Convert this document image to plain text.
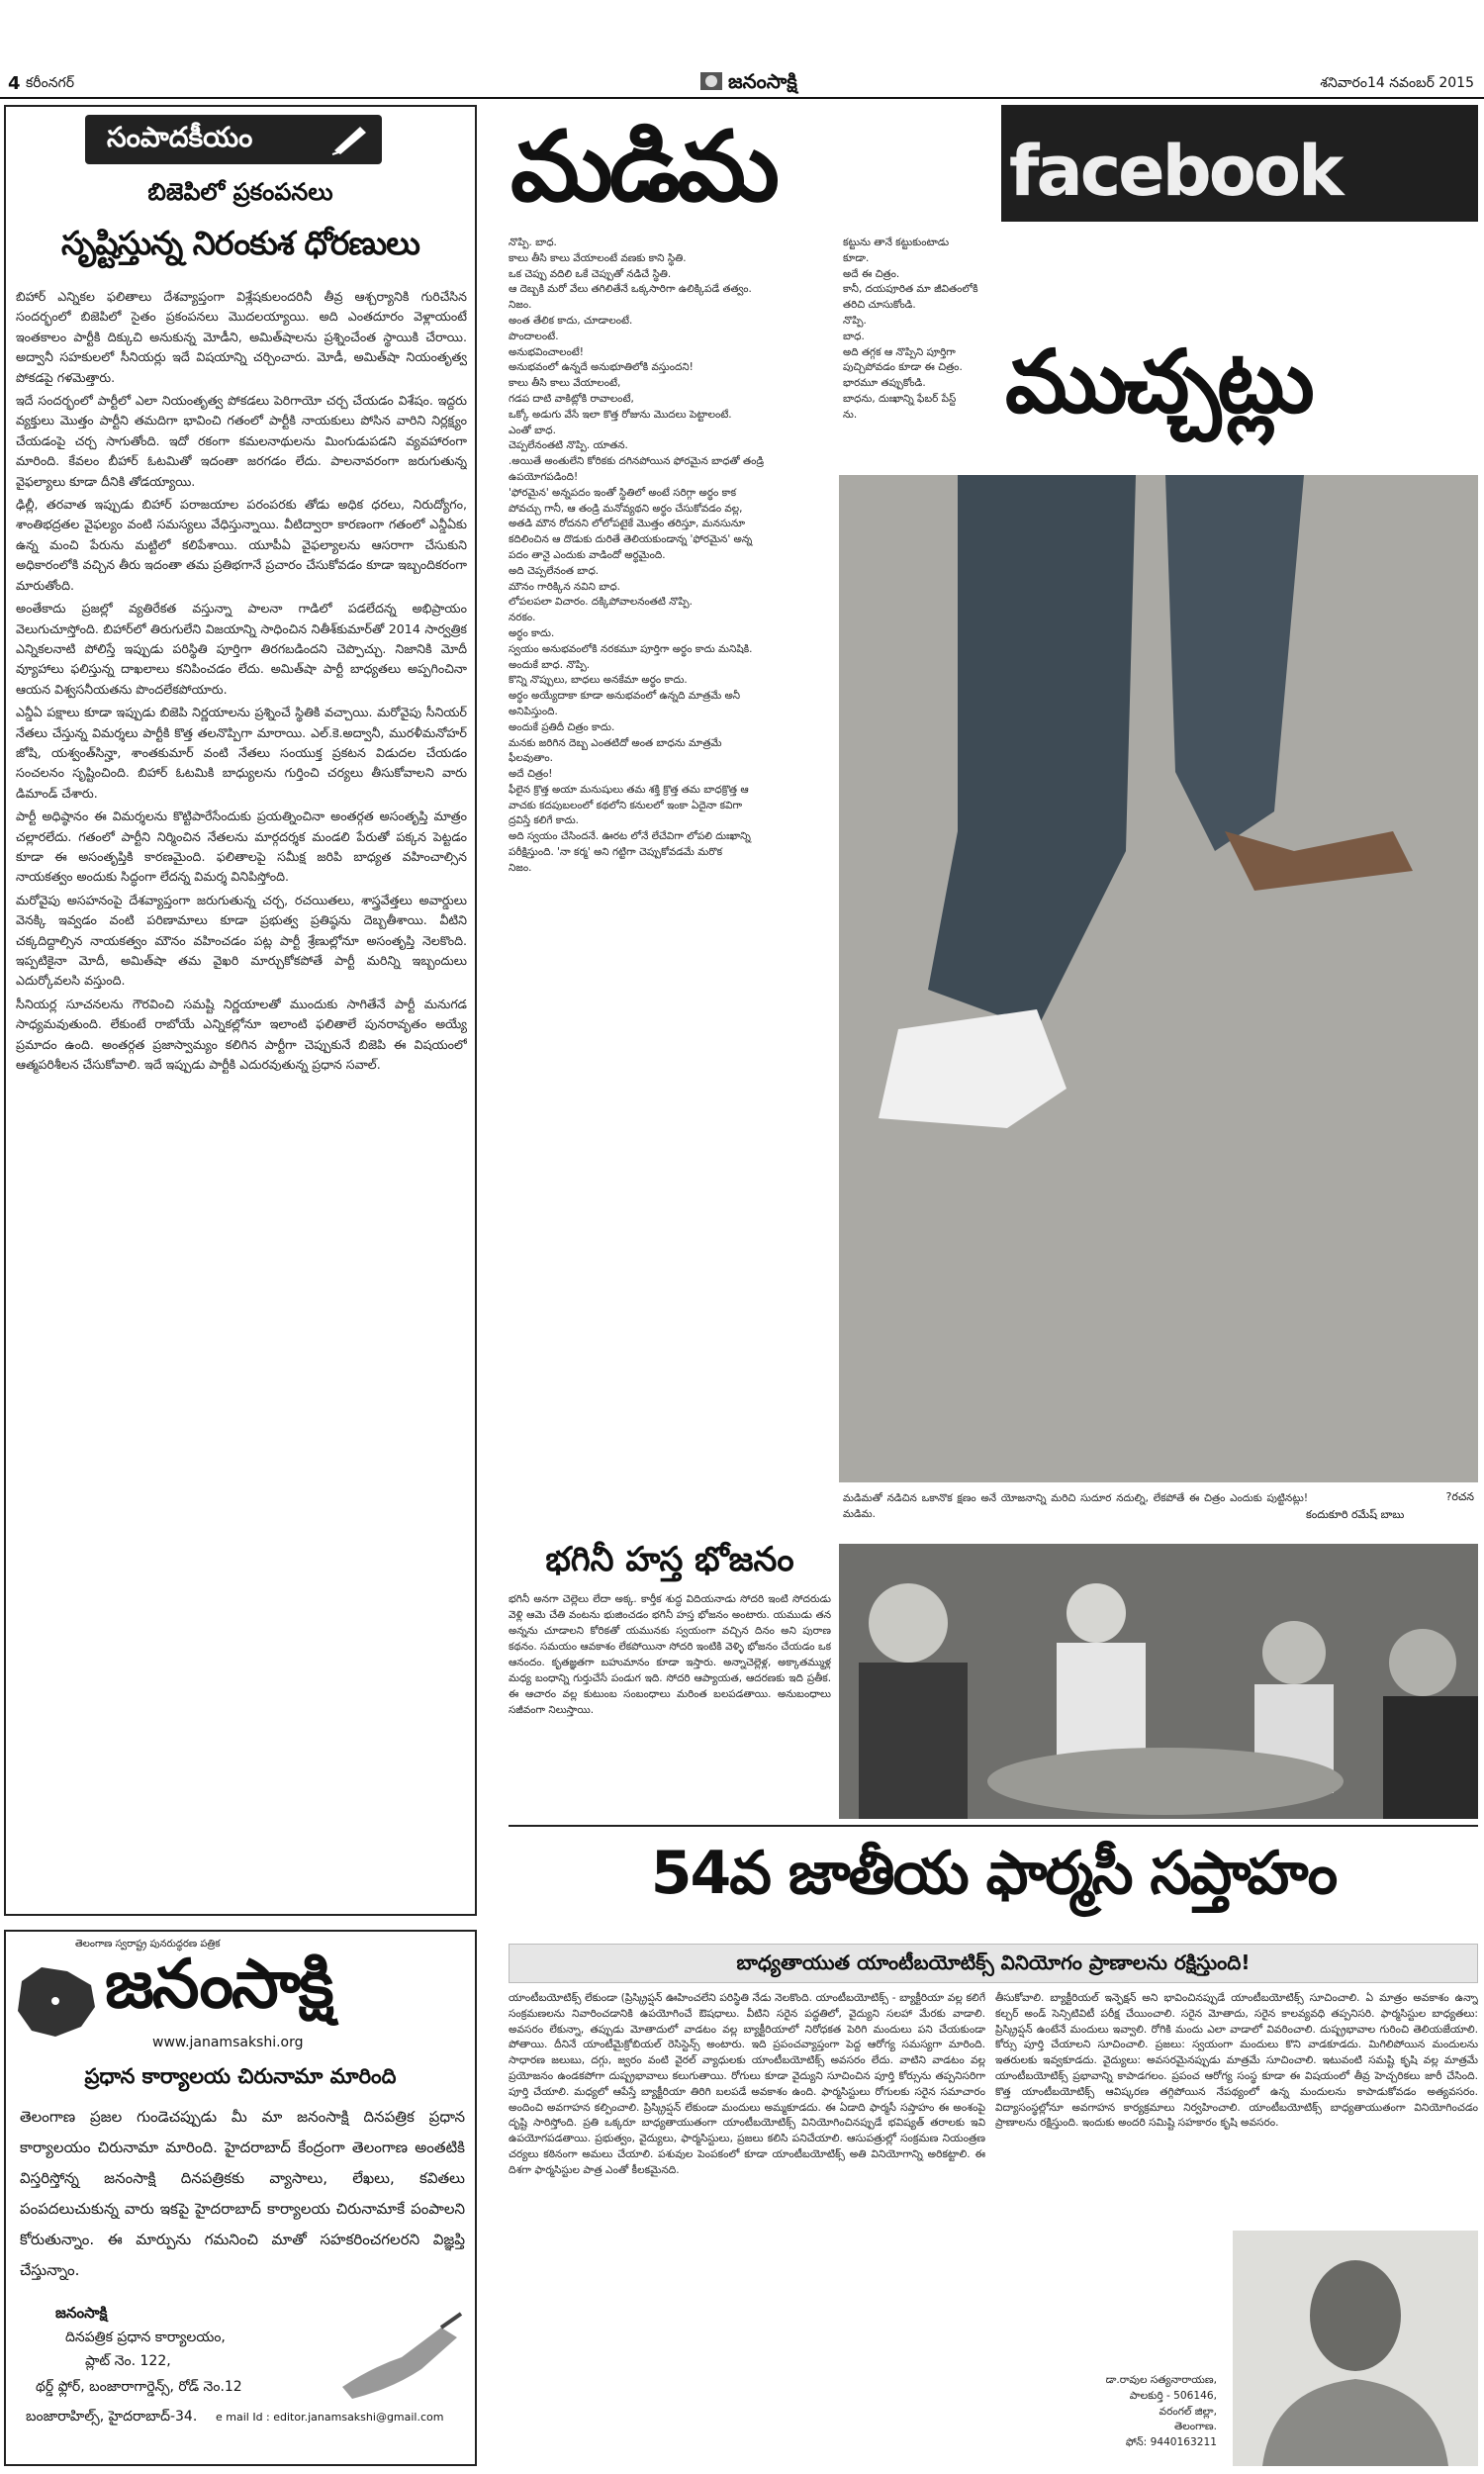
4 కరీంనగర్	జనంసాక్షి	శనివారం14 నవంబర్ 2015
సంపాదకీయం
బిజెపిలో ప్రకంపనలు
సృష్టిస్తున్న నిరంకుశ ధోరణులు

బిహార్ ఎన్నికల ఫలితాలు దేశవ్యాప్తంగా విశ్లేషకులందరినీ తీవ్ర ఆశ్చర్యానికి గురిచేసిన సందర్భంలో బిజెపిలో సైతం ప్రకంపనలు మొదలయ్యాయి. అది ఎంతదూరం వెళ్లాయంటే ఇంతకాలం పార్టీకి దిక్కుచి అనుకున్న మోడీని, అమిత్‌షాలను ప్రశ్నించేంత స్థాయికి చేరాయి. అద్వానీ సహకులలో సీనియర్లు ఇదే విషయాన్ని చర్చించారు. మోడీ, అమిత్‌షా నియంతృత్వ పోకడపై గళమెత్తారు.

ఇదే సందర్భంలో పార్టీలో ఎలా నియంతృత్వ పోకడలు పెరిగాయో చర్చ చేయడం విశేషం. ఇద్దరు వ్యక్తులు మొత్తం పార్టీని తమదిగా భావించి గతంలో పార్టీకి నాయకులు పోసిన వారిని నిర్లక్ష్యం చేయడంపై చర్చ సాగుతోంది. ఇదో రకంగా కమలనాథులను మింగుడుపడని వ్యవహారంగా మారింది. కేవలం బీహార్ ఓటమితో ఇదంతా జరగడం లేదు. పాలనావరంగా జరుగుతున్న వైఫల్యాలు కూడా దీనికి తోడయ్యాయి.

ఢిల్లీ, తరవాత ఇప్పుడు బిహార్ పరాజయాల పరంపరకు తోడు అధిక ధరలు, నిరుద్యోగం, శాంతిభద్రతల వైఫల్యం వంటి సమస్యలు వేధిస్తున్నాయి. వీటిద్వారా కారణంగా గతంలో ఎన్డీఏకు ఉన్న మంచి పేరును మట్టిలో కలిపేశాయి. యూపీఏ వైఫల్యాలను ఆసరాగా చేసుకుని అధికారంలోకి వచ్చిన తీరు ఇదంతా తమ ప్రతిభగానే ప్రచారం చేసుకోవడం కూడా ఇబ్బందికరంగా మారుతోంది.

అంతేకాదు ప్రజల్లో వ్యతిరేకత వస్తున్నా పాలనా గాడిలో పడలేదన్న అభిప్రాయం వెలుగుచూస్తోంది. బిహార్‌లో తిరుగులేని విజయాన్ని సాధించిన నితీశ్‌కుమార్‌తో 2014 సార్వత్రిక ఎన్నికలనాటి పోలిస్తే ఇప్పుడు పరిస్థితి పూర్తిగా తిరగబడిందని చెప్పొచ్చు. నిజానికి మోదీ వ్యూహాలు ఫలిస్తున్న దాఖలాలు కనిపించడం లేదు. అమిత్‌షా పార్టీ బాధ్యతలు అప్పగించినా ఆయన విశ్వసనీయతను పొందలేకపోయారు.

ఎన్డీఏ పక్షాలు కూడా ఇప్పుడు బిజెపి నిర్ణయాలను ప్రశ్నించే స్థితికి వచ్చాయి. మరోవైపు సీనియర్ నేతలు చేస్తున్న విమర్శలు పార్టీకి కొత్త తలనొప్పిగా మారాయి. ఎల్.కె.అద్వానీ, మురళీమనోహర్ జోషి, యశ్వంత్‌సిన్హా, శాంతకుమార్ వంటి నేతలు సంయుక్త ప్రకటన విడుదల చేయడం సంచలనం సృష్టించింది. బిహార్ ఓటమికి బాధ్యులను గుర్తించి చర్యలు తీసుకోవాలని వారు డిమాండ్ చేశారు.

పార్టీ అధిష్ఠానం ఈ విమర్శలను కొట్టిపారేసేందుకు ప్రయత్నించినా అంతర్గత అసంతృప్తి మాత్రం చల్లారలేదు. గతంలో పార్టీని నిర్మించిన నేతలను మార్గదర్శక మండలి పేరుతో పక్కన పెట్టడం కూడా ఈ అసంతృప్తికి కారణమైంది. ఫలితాలపై సమీక్ష జరిపి బాధ్యత వహించాల్సిన నాయకత్వం అందుకు సిద్ధంగా లేదన్న విమర్శ వినిపిస్తోంది.

మరోవైపు అసహనంపై దేశవ్యాప్తంగా జరుగుతున్న చర్చ, రచయితలు, శాస్త్రవేత్తలు అవార్డులు వెనక్కి ఇవ్వడం వంటి పరిణామాలు కూడా ప్రభుత్వ ప్రతిష్ఠను దెబ్బతీశాయి. వీటిని చక్కదిద్దాల్సిన నాయకత్వం మౌనం వహించడం పట్ల పార్టీ శ్రేణుల్లోనూ అసంతృప్తి నెలకొంది. ఇప్పటికైనా మోదీ, అమిత్‌షా తమ వైఖరి మార్చుకోకపోతే పార్టీ మరిన్ని ఇబ్బందులు ఎదుర్కోవలసి వస్తుంది.

సీనియర్ల సూచనలను గౌరవించి సమష్టి నిర్ణయాలతో ముందుకు సాగితేనే పార్టీ మనుగడ సాధ్యమవుతుంది. లేకుంటే రాబోయే ఎన్నికల్లోనూ ఇలాంటి ఫలితాలే పునరావృతం అయ్యే ప్రమాదం ఉంది. అంతర్గత ప్రజాస్వామ్యం కలిగిన పార్టీగా చెప్పుకునే బిజెపి ఈ విషయంలో ఆత్మపరిశీలన చేసుకోవాలి. ఇదే ఇప్పుడు పార్టీకి ఎదురవుతున్న ప్రధాన సవాల్.

తెలంగాణ స్వరాష్ట్ర పునరుద్ధరణ పత్రిక
జనంసాక్షి
www.janamsakshi.org
ప్రధాన కార్యాలయ చిరునామా మారింది
తెలంగాణ ప్రజల గుండెచప్పుడు మీ మా జనంసాక్షి దినపత్రిక ప్రధాన కార్యాలయం చిరునామా మారింది. హైదరాబాద్ కేంద్రంగా తెలంగాణ అంతటికి విస్తరిస్తోన్న జనంసాక్షి దినపత్రికకు వ్యాసాలు, లేఖలు, కవితలు పంపదలుచుకున్న వారు ఇకపై హైదరాబాద్ కార్యాలయ చిరునామాకే పంపాలని కోరుతున్నాం. ఈ మార్పును గమనించి మాతో సహకరించగలరని విజ్ఞప్తి చేస్తున్నాం.
జనంసాక్షి
దినపత్రిక ప్రధాన కార్యాలయం,
ప్లాట్ నెం. 122,
థర్డ్ ఫ్లోర్, బంజారాగార్డెన్స్, రోడ్ నెం.12
బంజారాహిల్స్, హైదరాబాద్-34. e mail Id : editor.janamsakshi@gmail.com
మడిమ	facebook
ముచ్చట్లు
నొప్పి. బాధ.
కాలు తీసి కాలు వేయాలంటే వణకు కాని స్థితి.
ఒక చెప్పు వదిలి ఒకే చెప్పుతో నడిచే స్థితి.
ఆ దెబ్బకి మరో వేలు తగిలితేనే ఒక్కసారిగా ఉలిక్కిపడే తత్వం.
నిజం.
అంత తేలిక కాదు, చూడాలంటే.
పొందాలంటే.
అనుభవించాలంటే!
అనుభవంలో ఉన్నదే అనుభూతిలోకి వస్తుందని!
కాలు తీసి కాలు వేయాలంటే,
గడప దాటి వాకిట్లోకి రావాలంటే,
ఒక్కో అడుగు వేసే ఇలా కొత్త రోజును మొదలు పెట్టాలంటే.
ఎంతో బాధ.
చెప్పలేనంతటి నొప్పి. యాతన.
.అయితే అంతులేని కోరికకు దగినపోయిన ఫోరమైన బాధతో తండ్రి
ఉపయోగపడింది!
'ఫోరమైన' అన్నపదం ఇంతో స్థితిలో అంటే సరిగ్గా అర్థం కాక
పోవచ్చు గానీ, ఆ తండ్రి మనోవ్యథని అర్థం చేసుకోవడం వల్ల,
అతడి మౌన రోదనని లోలోపటైకే మొత్తం తరిస్తూ, మనసునూ
కదిలించిన ఆ దొడుకు దురితే తెలియకుండాన్న 'ఫోరమైన' అన్న
పదం తానై ఎందుకు వాడిందో అర్థమైంది.
అది చెప్పలేనంత బాధ.
మౌనం గారిక్కిన నవిని బాధ.
లోపలపలా విచారం. దక్కిపోవాలనంతటి నొప్పి.
నరకం.
అర్థం కాదు.
స్వయం అనుభవంలోకి నరకమూ పూర్తిగా అర్థం కాదు మనిషికి.
అందుకే బాధ. నొప్పి.
కొన్ని నొప్పులు, బాధలు అనకేమా అర్థం కాదు.
అర్థం అయ్యేదాకా కూడా అనుభవంలో ఉన్నది మాత్రమే అనీ
అనిపిస్తుంది.
అందుకే ప్రతిదీ చిత్రం కాదు.
మనకు జరిగిన దెబ్బ ఎంతటిదో అంత బాధను మాత్రమే
ఫీలవుతాం.
అదే చిత్రం!
ఫీలైన క్రొత్త అయా మనుషులు తమ శక్తి క్రొత్త తమ బాధక్రొత్త ఆ
వాచకు కదపుబలంలో కథలోని కనులలో ఇంకా ఏదైనా కవిగా
ద్రవిస్తే కలిగే కాదు.
అది స్వయం చేసిందనే. ఊరట లోనే లేచేవిగా లోపలి దుఃఖాన్ని
పరీక్షిస్తుంది. 'నా కర్మ' అని గట్టిగా చెప్పుకోవడమే మరొక
నిజం.
కట్టును తానే కట్టుకుంటాడు
కూడా.
అదే ఈ చిత్రం.
కానీ, దయపూరిత మా జీవితంలోకి
తరిచి చూసుకోండి.
నొప్పి.
బాధ.
అది తగ్గక ఆ నొప్పిని పూర్తిగా
పుచ్చిపోవడం కూడా ఈ చిత్రం.
భారమూ తప్పుకోండి.
బాధను, దుఃఖాన్ని ఫేబర్ పేస్ట్
ను.
మడిమతో నడిచిన ఒకానొక క్షణం అనే యోజనాన్ని మరిచి సుదూర నదుల్ని, లేకపోతే ఈ చిత్రం ఎందుకు పుట్టినట్లు! మడిమ.
?రచన
కందుకూరి రమేష్ బాబు
భగినీ హస్త భోజనం
భగినీ అనగా చెల్లెలు లేదా అక్క. కార్తీక శుద్ధ విదియనాడు సోదరి ఇంటి సోదరుడు వెళ్లి ఆమె చేతి వంటను భుజించడం భగినీ హస్త భోజనం అంటారు. యముడు తన అన్నను చూడాలని కోరికతో యమునకు స్వయంగా వచ్చిన దినం అని పురాణ కథనం. సమయం ఆవకాశం లేకపోయినా సోదరి ఇంటికి వెళ్ళి భోజనం చేయడం ఒక ఆనందం. కృతజ్ఞతగా బహుమానం కూడా ఇస్తారు. అన్నాచెల్లెళ్ల, అక్కాతమ్ముళ్ల మధ్య బంధాన్ని గుర్తుచేసే పండుగ ఇది. సోదరి ఆప్యాయత, ఆదరణకు ఇది ప్రతీక. ఈ ఆచారం వల్ల కుటుంబ సంబంధాలు మరింత బలపడతాయి. అనుబంధాలు సజీవంగా నిలుస్తాయి.
54వ జాతీయ ఫార్మసీ సప్తాహం
బాధ్యతాయుత యాంటీబయోటిక్స్ వినియోగం ప్రాణాలను రక్షిస్తుంది!
యాంటీబయోటిక్స్ లేకుండా (ప్రిస్క్రిప్షన్ ఊహించలేని పరిస్థితి నేడు నెలకొంది. యాంటీబయోటిక్స్ - బ్యాక్టీరియా వల్ల కలిగే సంక్రమణలను నివారించడానికి ఉపయోగించే ఔషధాలు. వీటిని సరైన పద్ధతిలో, వైద్యుని సలహా మేరకు వాడాలి. అవసరం లేకున్నా, తప్పుడు మోతాదులో వాడటం వల్ల బ్యాక్టీరియాలో నిరోధకత పెరిగి మందులు పని చేయకుండా పోతాయి. దీనినే యాంటీమైక్రోబియల్ రెసిస్టెన్స్ అంటారు. ఇది ప్రపంచవ్యాప్తంగా పెద్ద ఆరోగ్య సమస్యగా మారింది. సాధారణ జలుబు, దగ్గు, జ్వరం వంటి వైరల్ వ్యాధులకు యాంటీబయోటిక్స్ అవసరం లేదు. వాటిని వాడటం వల్ల ప్రయోజనం ఉండకపోగా దుష్ప్రభావాలు కలుగుతాయి. రోగులు కూడా వైద్యుని సూచించిన పూర్తి కోర్సును తప్పనిసరిగా పూర్తి చేయాలి. మధ్యలో ఆపేస్తే బ్యాక్టీరియా తిరిగి బలపడే అవకాశం ఉంది. ఫార్మసిస్టులు రోగులకు సరైన సమాచారం అందించి అవగాహన కల్పించాలి. ప్రిస్క్రిప్షన్ లేకుండా మందులు అమ్మకూడదు. ఈ ఏడాది ఫార్మసీ సప్తాహం ఈ అంశంపై దృష్టి సారిస్తోంది. ప్రతి ఒక్కరూ బాధ్యతాయుతంగా యాంటీబయోటిక్స్ వినియోగించినప్పుడే భవిష్యత్ తరాలకు ఇవి ఉపయోగపడతాయి. ప్రభుత్వం, వైద్యులు, ఫార్మసిస్టులు, ప్రజలు కలిసి పనిచేయాలి. ఆసుపత్రుల్లో సంక్రమణ నియంత్రణ చర్యలు కఠినంగా అమలు చేయాలి. పశువుల పెంపకంలో కూడా యాంటీబయోటిక్స్ అతి వినియోగాన్ని అరికట్టాలి. ఈ దిశగా ఫార్మసిస్టుల పాత్ర ఎంతో కీలకమైనది.
తీసుకోవాలి. బ్యాక్టీరియల్ ఇన్ఫెక్షన్ అని భావించినప్పుడే యాంటీబయోటిక్స్ సూచించాలి. ఏ మాత్రం అవకాశం ఉన్నా కల్చర్ అండ్ సెన్సిటివిటీ పరీక్ష చేయించాలి. సరైన మోతాదు, సరైన కాలవ్యవధి తప్పనిసరి. ఫార్మసిస్టుల బాధ్యతలు: ప్రిస్క్రిప్షన్ ఉంటేనే మందులు ఇవ్వాలి. రోగికి మందు ఎలా వాడాలో వివరించాలి. దుష్ప్రభావాల గురించి తెలియజేయాలి. కోర్సు పూర్తి చేయాలని సూచించాలి. ప్రజలు: స్వయంగా మందులు కొని వాడకూడదు. మిగిలిపోయిన మందులను ఇతరులకు ఇవ్వకూడదు. వైద్యులు: అవసరమైనప్పుడు మాత్రమే సూచించాలి. ఇటువంటి సమష్టి కృషి వల్ల మాత్రమే యాంటీబయోటిక్స్ ప్రభావాన్ని కాపాడగలం. ప్రపంచ ఆరోగ్య సంస్థ కూడా ఈ విషయంలో తీవ్ర హెచ్చరికలు జారీ చేసింది. కొత్త యాంటీబయోటిక్స్ ఆవిష్కరణ తగ్గిపోయిన నేపథ్యంలో ఉన్న మందులను కాపాడుకోవడం అత్యవసరం. విద్యాసంస్థల్లోనూ అవగాహన కార్యక్రమాలు నిర్వహించాలి. యాంటీబయోటిక్స్ బాధ్యతాయుతంగా వినియోగించడం ప్రాణాలను రక్షిస్తుంది. ఇందుకు అందరి సమిష్టి సహకారం కృషి అవసరం.
డా.రావుల సత్యనారాయణ,
పాలకుర్తి - 506146,
వరంగల్ జిల్లా,
తెలంగాణ.
ఫోన్: 9440163211
